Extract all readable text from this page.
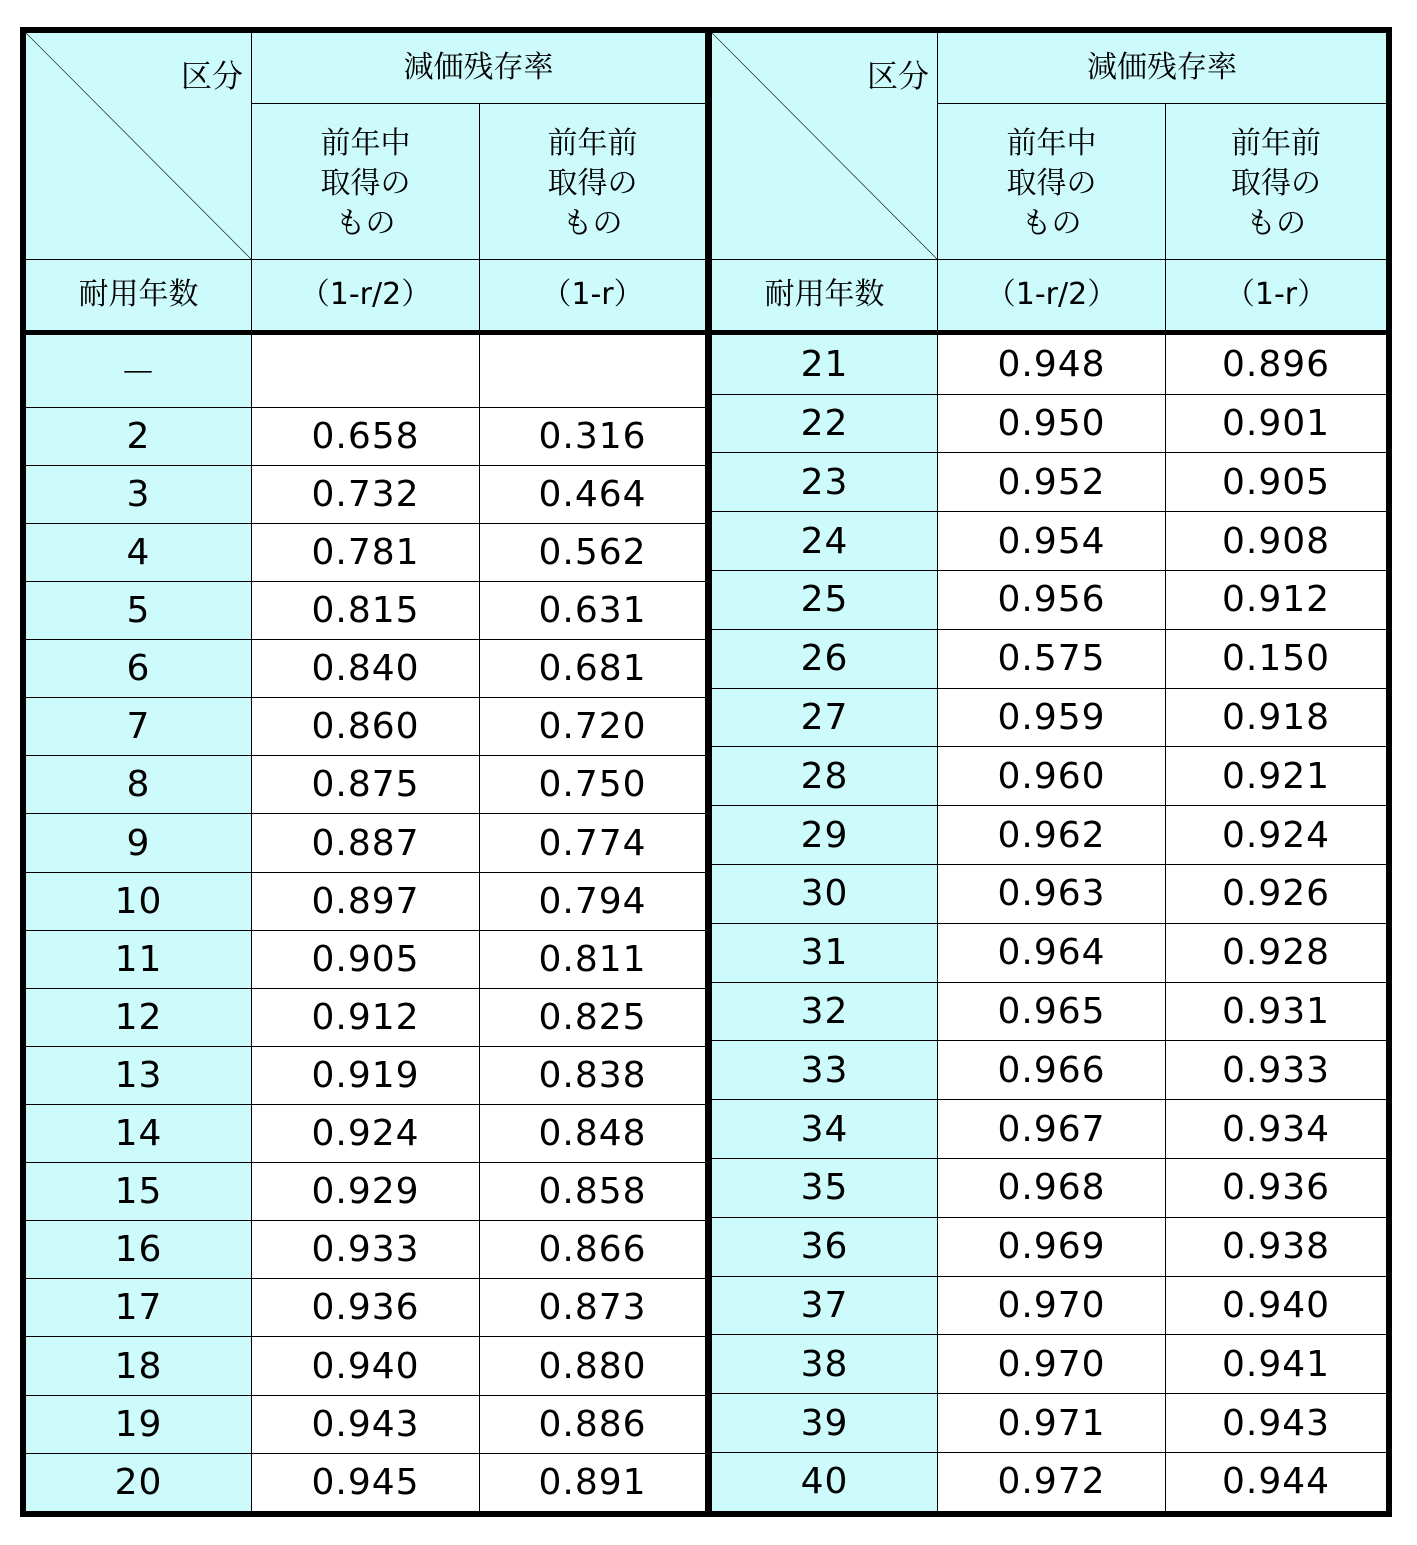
区分	減価残存率	

	前年中
取得の
もの	前年前
取得の
もの

耐用年数	（1-r/2）	（1-r）
－		
2	0.658	0.316
3	0.732	0.464
4	0.781	0.562
5	0.815	0.631
6	0.840	0.681
7	0.860	0.720
8	0.875	0.750
9	0.887	0.774
10	0.897	0.794
11	0.905	0.811
12	0.912	0.825
13	0.919	0.838
14	0.924	0.848
15	0.929	0.858
16	0.933	0.866
17	0.936	0.873
18	0.940	0.880
19	0.943	0.886
20	0.945	0.891
区分	減価残存率	

	前年中
取得の
もの	前年前
取得の
もの

耐用年数	（1-r/2）	（1-r）
21	0.948	0.896
22	0.950	0.901
23	0.952	0.905
24	0.954	0.908
25	0.956	0.912
26	0.575	0.150
27	0.959	0.918
28	0.960	0.921
29	0.962	0.924
30	0.963	0.926
31	0.964	0.928
32	0.965	0.931
33	0.966	0.933
34	0.967	0.934
35	0.968	0.936
36	0.969	0.938
37	0.970	0.940
38	0.970	0.941
39	0.971	0.943
40	0.972	0.944
